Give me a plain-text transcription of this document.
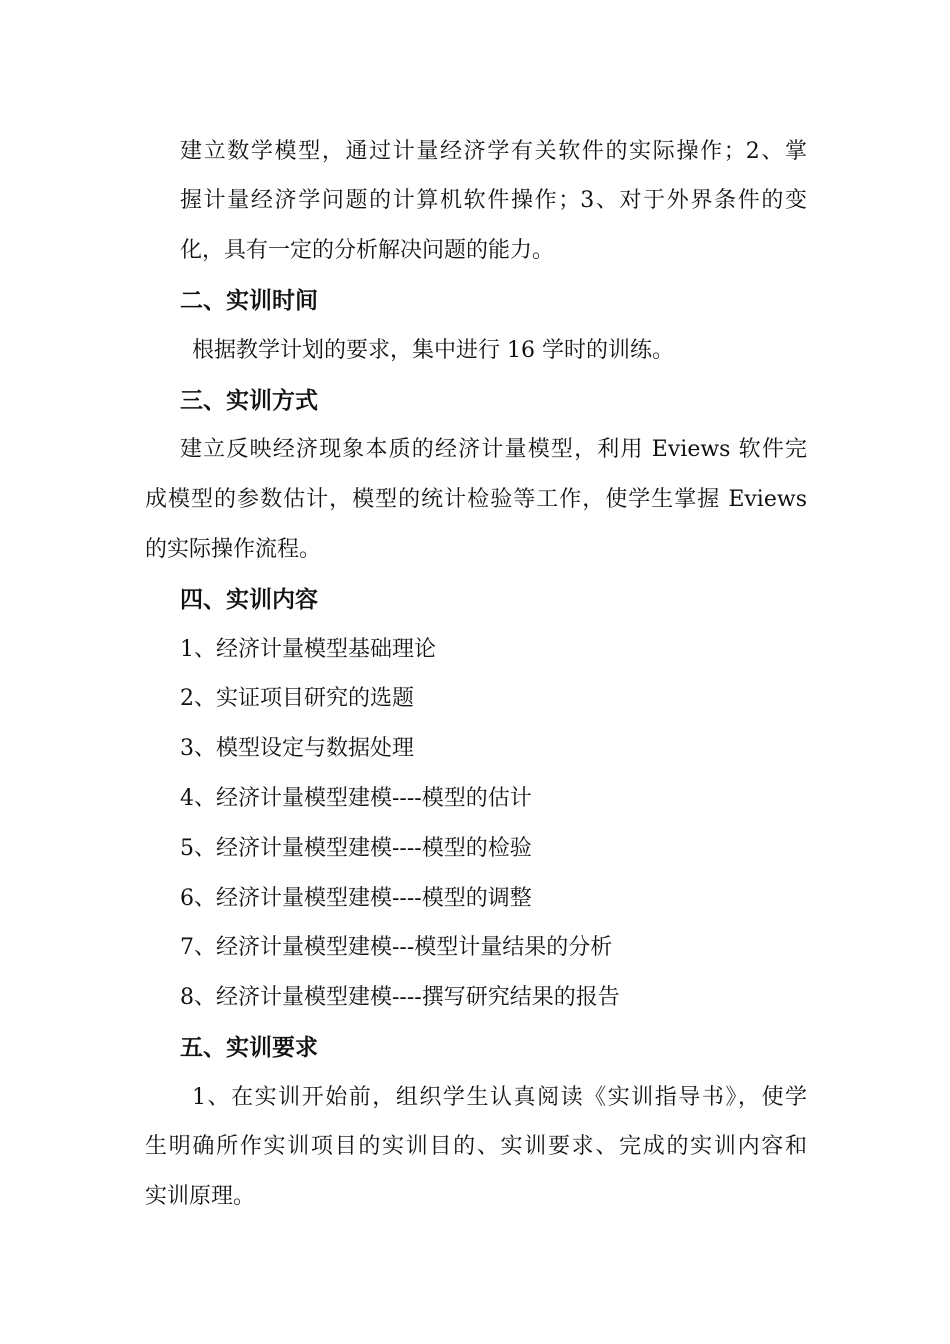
建立数学模型，通过计量经济学有关软件的实际操作；2、掌
握计量经济学问题的计算机软件操作；3、对于外界条件的变
化，具有一定的分析解决问题的能力。
二、实训时间
根据教学计划的要求，集中进行 16 学时的训练。
三、实训方式
建立反映经济现象本质的经济计量模型，利用 Eviews 软件完
成模型的参数估计，模型的统计检验等工作，使学生掌握 Eviews
的实际操作流程。
四、实训内容
1、经济计量模型基础理论
2、实证项目研究的选题
3、模型设定与数据处理
4、经济计量模型建模----模型的估计
5、经济计量模型建模----模型的检验
6、经济计量模型建模----模型的调整
7、经济计量模型建模---模型计量结果的分析
8、经济计量模型建模----撰写研究结果的报告
五、实训要求
1、在实训开始前，组织学生认真阅读《实训指导书》，使学
生明确所作实训项目的实训目的、实训要求、完成的实训内容和
实训原理。
